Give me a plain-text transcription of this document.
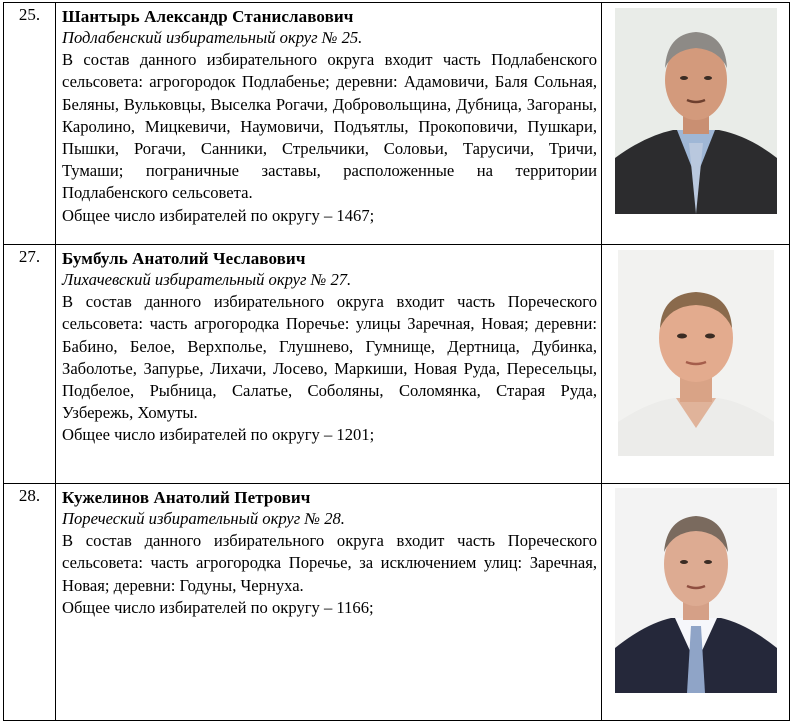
25.	Шантырь Александр Станиславович
Подлабенский избирательный округ № 25.
В состав данного избирательного округа входит часть Подлабенского сельсовета: агрогородок Подлабенье; деревни: Адамовичи, Баля Сольная, Беляны, Вульковцы, Выселка Рогачи, Добровольщина, Дубница, Загораны, Каролино, Мицкевичи, Наумовичи, Подъятлы, Прокоповичи, Пушкари, Пышки, Рогачи, Санники, Стрельчики, Соловьи, Тарусичи, Тричи, Тумаши; пограничные заставы, расположенные на территории Подлабенского сельсовета.
Общее число избирателей по округу – 1467;

27.	Бумбуль Анатолий Чеславович
Лихачевский избирательный округ № 27.
В состав данного избирательного округа входит часть Пореческого сельсовета: часть агрогородка Поречье: улицы Заречная, Новая; деревни: Бабино, Белое, Верхполье, Глушнево, Гумнище, Дертница, Дубинка, Заболотье, Запурье, Лихачи, Лосево, Маркиши, Новая Руда, Пересельцы, Подбелое, Рыбница, Салатье, Соболяны, Соломянка, Старая Руда, Узбережь, Хомуты.
Общее число избирателей по округу – 1201;

28.	Кужелинов Анатолий Петрович
Пореческий избирательный округ № 28.
В состав данного избирательного округа входит часть Пореческого сельсовета: часть агрогородка Поречье, за исключением улиц: Заречная, Новая; деревни: Годуны, Чернуха.
Общее число избирателей по округу – 1166;
